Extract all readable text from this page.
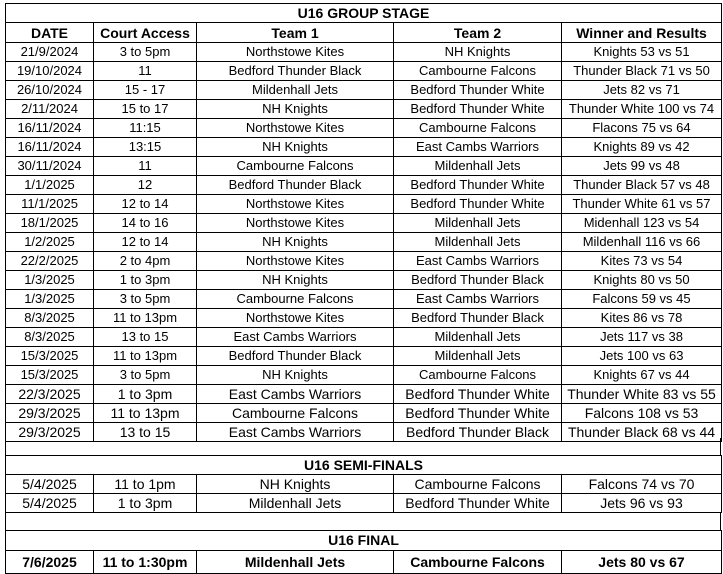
U16 GROUP STAGE				
DATE	Court Access	Team 1	Team 2	Winner and Results
21/9/2024	3 to 5pm	Northstowe Kites	NH Knights	Knights 53 vs 51
19/10/2024	11	Bedford Thunder Black	Cambourne Falcons	Thunder Black 71 vs 50
26/10/2024	15 - 17	Mildenhall Jets	Bedford Thunder White	Jets 82 vs 71
2/11/2024	15 to 17	NH Knights	Bedford Thunder White	Thunder White 100 vs 74
16/11/2024	11:15	Northstowe Kites	Cambourne Falcons	Flacons 75 vs 64
16/11/2024	13:15	NH Knights	East Cambs Warriors	Knights 89 vs 42
30/11/2024	11	Cambourne Falcons	Mildenhall Jets	Jets 99 vs 48
1/1/2025	12	Bedford Thunder Black	Bedford Thunder White	Thunder Black 57 vs 48
11/1/2025	12 to 14	Northstowe Kites	Bedford Thunder White	Thunder White 61 vs 57
18/1/2025	14 to 16	Northstowe Kites	Mildenhall Jets	Midenhall 123 vs 54
1/2/2025	12 to 14	NH Knights	Mildenhall Jets	Mildenhall 116 vs 66
22/2/2025	2 to 4pm	Northstowe Kites	East Cambs Warriors	Kites 73 vs 54
1/3/2025	1 to 3pm	NH Knights	Bedford Thunder Black	Knights 80 vs 50
1/3/2025	3 to 5pm	Cambourne Falcons	East Cambs Warriors	Falcons 59 vs 45
8/3/2025	11 to 13pm	Northstowe Kites	Bedford Thunder Black	Kites 86 vs 78
8/3/2025	13 to 15	East Cambs Warriors	Mildenhall Jets	Jets 117 vs 38
15/3/2025	11 to 13pm	Bedford Thunder Black	Mildenhall Jets	Jets 100 vs 63
15/3/2025	3 to 5pm	NH Knights	Cambourne Falcons	Knights 67 vs 44
22/3/2025	1 to 3pm	East Cambs Warriors	Bedford Thunder White	Thunder White 83 vs 55
29/3/2025	11 to 13pm	Cambourne Falcons	Bedford Thunder White	Falcons 108 vs 53
29/3/2025	13 to 15	East Cambs Warriors	Bedford Thunder Black	Thunder Black 68 vs 44
U16 SEMI-FINALS				
5/4/2025	11 to 1pm	NH Knights	Cambourne Falcons	Falcons 74 vs 70
5/4/2025	1 to 3pm	Mildenhall Jets	Bedford Thunder White	Jets 96 vs 93
U16 FINAL
7/6/2025	11 to 1:30pm	Mildenhall Jets	Cambourne Falcons	Jets 80 vs 67
